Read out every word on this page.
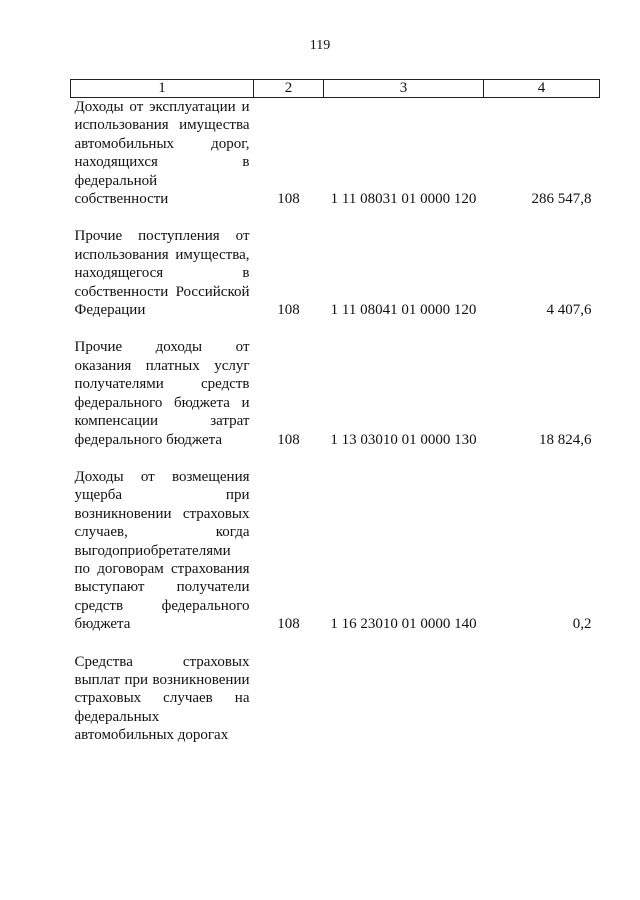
119
1	2	3	4
Доходы от эксплуатации и использования имущества автомобильных дорог, находящихся в федеральной собственности	108	1 11 08031 01 0000 120	286 547,8

Прочие поступления от использования имущества, находящегося в собственности Российской Федерации	108	1 11 08041 01 0000 120	4 407,6

Прочие доходы от оказания платных услуг получателями средств федерального бюджета и компенсации затрат федерального бюджета	108	1 13 03010 01 0000 130	18 824,6

Доходы от возмещения ущерба при возникновении страховых случаев, когда выгодоприобретателями по договорам страхования выступают получатели средств федерального бюджета	108	1 16 23010 01 0000 140	0,2

Средства страховых выплат при возникновении страховых случаев на федеральных автомобильных дорогах			
